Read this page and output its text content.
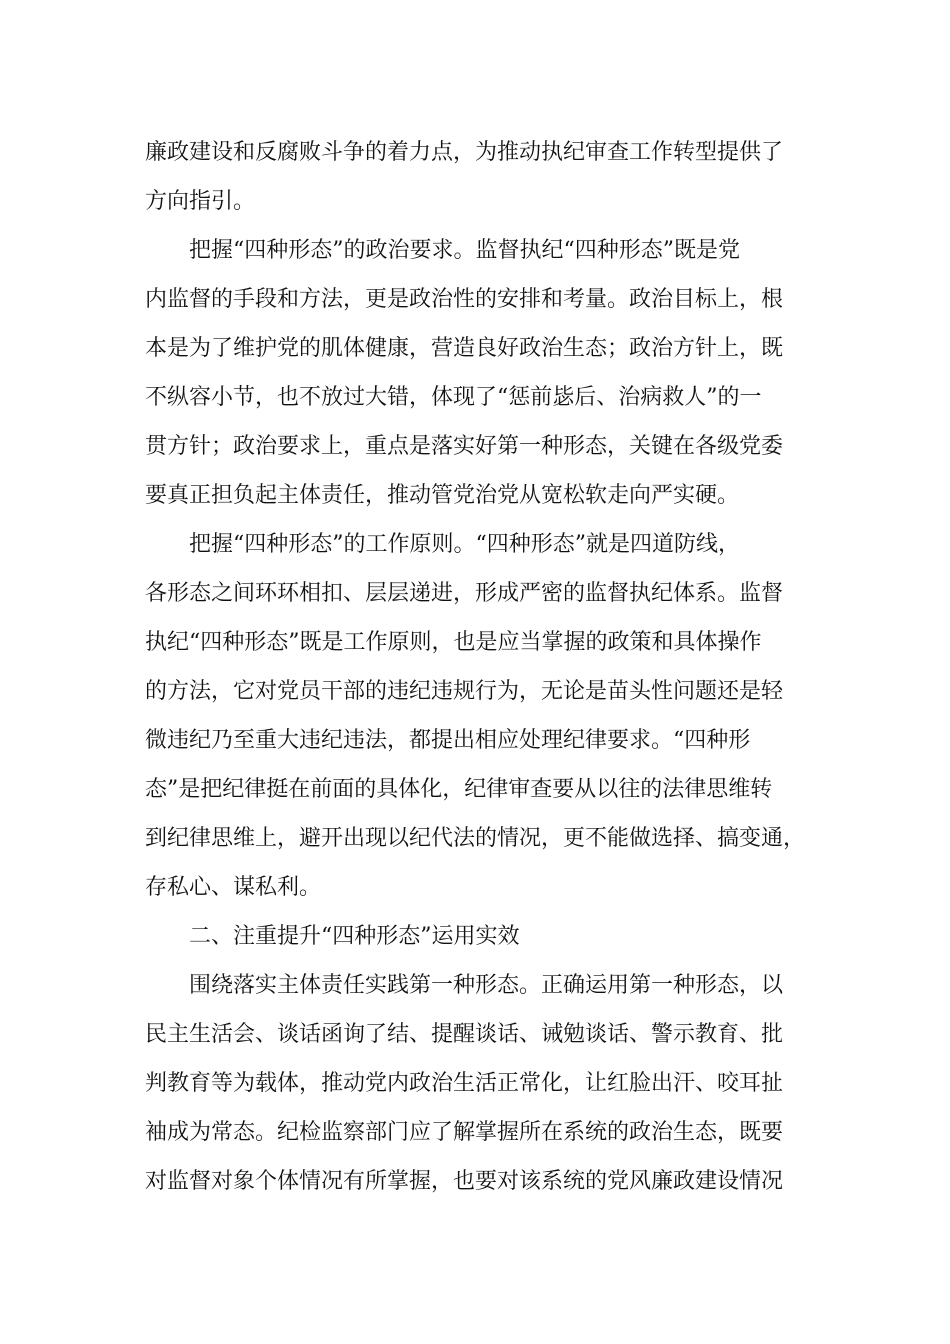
廉政建设和反腐败斗争的着力点，为推动执纪审查工作转型提供了
方向指引。
把握“四种形态”的政治要求。监督执纪“四种形态”既是党
内监督的手段和方法，更是政治性的安排和考量。政治目标上，根
本是为了维护党的肌体健康，营造良好政治生态；政治方针上，既
不纵容小节，也不放过大错，体现了“惩前毖后、治病救人”的一
贯方针；政治要求上，重点是落实好第一种形态，关键在各级党委
要真正担负起主体责任，推动管党治党从宽松软走向严实硬。
把握“四种形态”的工作原则。“四种形态”就是四道防线，
各形态之间环环相扣、层层递进，形成严密的监督执纪体系。监督
执纪“四种形态”既是工作原则，也是应当掌握的政策和具体操作
的方法，它对党员干部的违纪违规行为，无论是苗头性问题还是轻
微违纪乃至重大违纪违法，都提出相应处理纪律要求。“四种形
态”是把纪律挺在前面的具体化，纪律审查要从以往的法律思维转
到纪律思维上，避开出现以纪代法的情况，更不能做选择、搞变通，
存私心、谋私利。
二、注重提升“四种形态”运用实效
围绕落实主体责任实践第一种形态。正确运用第一种形态，以
民主生活会、谈话函询了结、提醒谈话、诫勉谈话、警示教育、批
判教育等为载体，推动党内政治生活正常化，让红脸出汗、咬耳扯
袖成为常态。纪检监察部门应了解掌握所在系统的政治生态，既要
对监督对象个体情况有所掌握，也要对该系统的党风廉政建设情况
